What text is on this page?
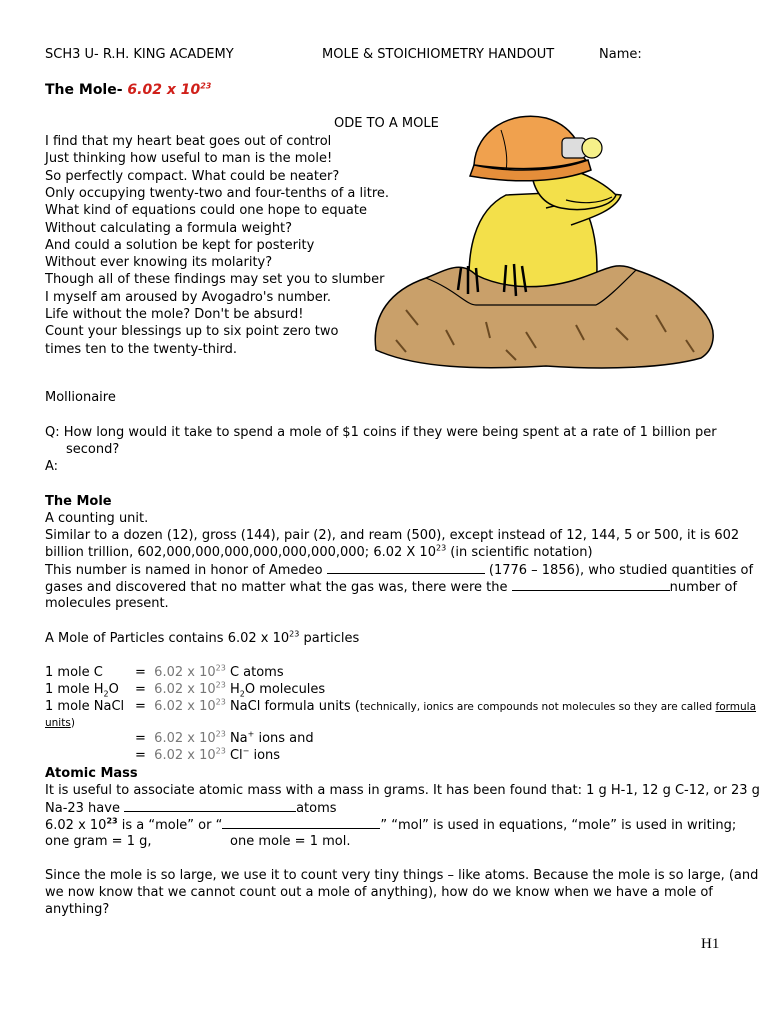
SCH3 U- R.H. KING ACADEMY	MOLE & STOICHIOMETRY HANDOUT	Name:
The Mole- 6.02 x $10^{23}$
ODE TO A MOLE
I find that my heart beat goes out of control
Just thinking how useful to man is the mole!
So perfectly compact. What could be neater?
Only occupying twenty-two and four-tenths of a litre.
What kind of equations could one hope to equate
Without calculating a formula weight?
And could a solution be kept for posterity
Without ever knowing its molarity?
Though all of these findings may set you to slumber
I myself am aroused by Avogadro's number.
Life without the mole? Don't be absurd!
Count your blessings up to six point zero two
times ten to the twenty-third.
Mollionaire
Q: How long would it take to spend a mole of $1 coins if they were being spent at a rate of 1 billion per
second?
A:
The Mole
A counting unit.
Similar to a dozen (12), gross (144), pair (2), and ream (500), except instead of 12, 144, 5 or 500, it is 602
billion trillion, 602,000,000,000,000,000,000,000; 6.02 X $10^{23}$ (in scientific notation)
This number is named in honor of Amedeo	(1776 – 1856), who studied quantities of
gases and discovered that no matter what the gas was, there were the	number of
molecules present.
A Mole of Particles contains 6.02 x $10^{23}$ particles
1 mole C = 6.02 x $10^{23}$ C atoms
1 mole $H_2O = 6.02$ x $10^{23}$ $H_2O$ molecules
1 mole NaCl = 6.02 x $10^{23}$ NaCl formula units (technically, ionics are compounds not molecules so they are called formula
units)
= 6.02 x $10^{23}$ Na+ ions and
= 6.02 x $10^{23}$ Cl− ions
Atomic Mass
It is useful to associate atomic mass with a mass in grams. It has been found that: 1 g H-1, 12 g C-12, or 23 g
Na-23 have	atoms
6.02 x $10^{23}$ is a “mole” or “	” “mol” is used in equations, “mole” is used in writing;
one gram = 1 g,	one mole = 1 mol.
Since the mole is so large, we use it to count very tiny things – like atoms. Because the mole is so large, (and
we now know that we cannot count out a mole of anything), how do we know when we have a mole of
anything?
H1
